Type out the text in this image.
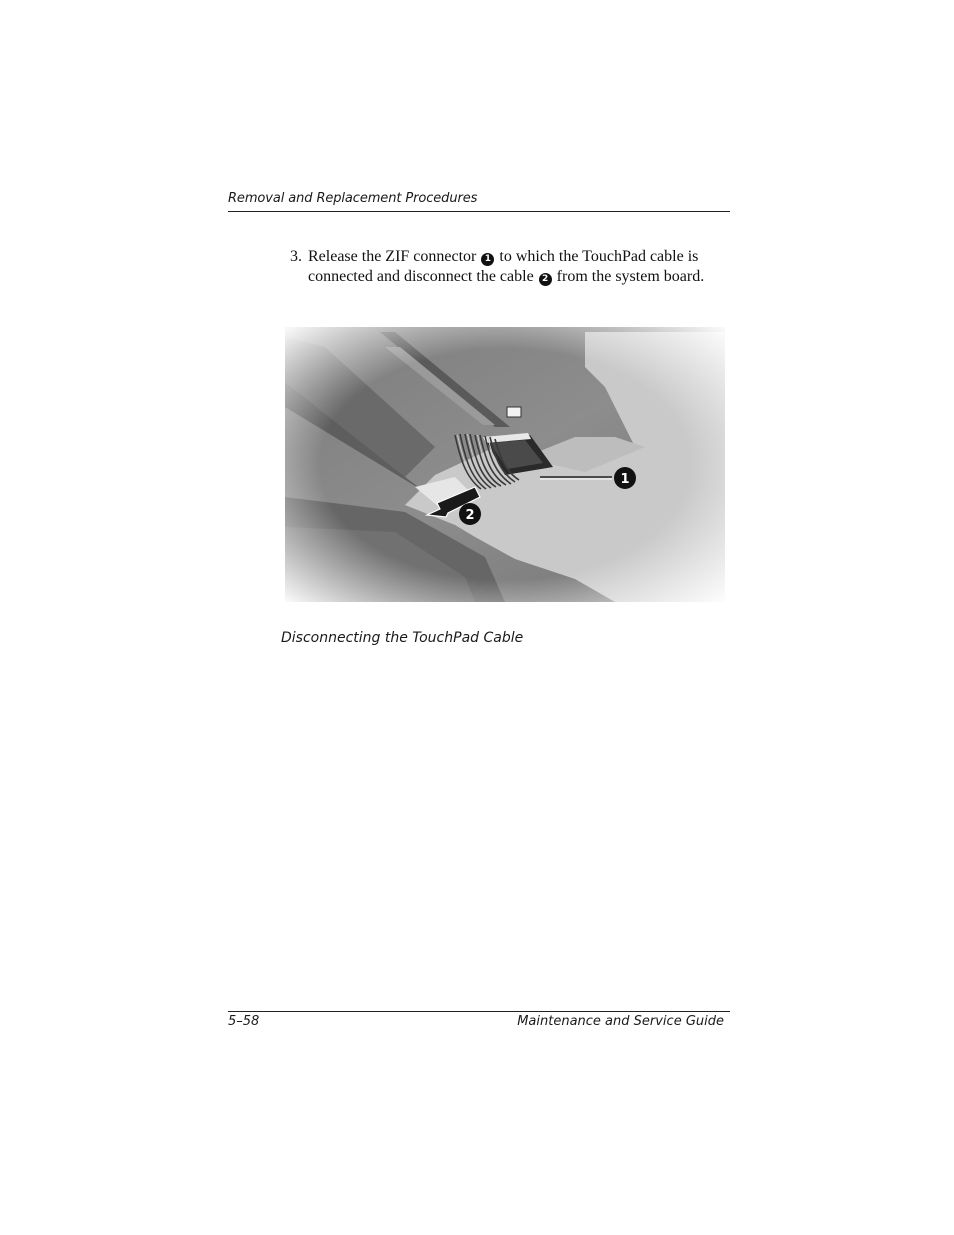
Removal and Replacement Procedures
3. Release the ZIF connector 1 to which the TouchPad cable is
connected and disconnect the cable 2 from the system board.
1
2
Disconnecting the TouchPad Cable
5–58	Maintenance and Service Guide
